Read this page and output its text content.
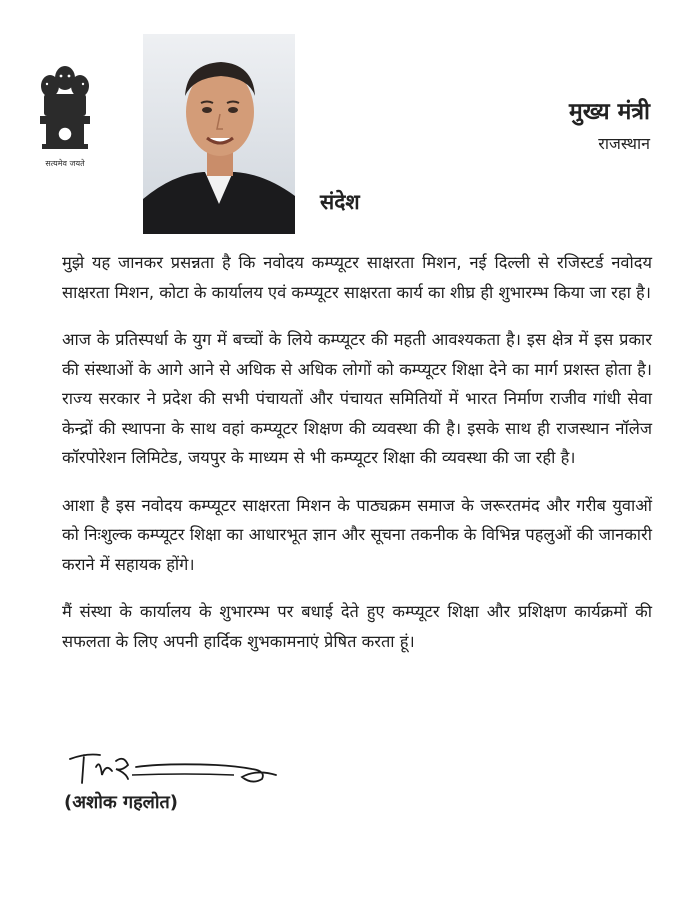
सत्यमेव जयते
मुख्य मंत्री
राजस्थान
संदेश

मुझे यह जानकर प्रसन्नता है कि नवोदय कम्प्यूटर साक्षरता मिशन, नई दिल्ली से रजिस्टर्ड नवोदय साक्षरता मिशन, कोटा के कार्यालय एवं कम्प्यूटर साक्षरता कार्य का शीघ्र ही शुभारम्भ किया जा रहा है।

आज के प्रतिस्पर्धा के युग में बच्चों के लिये कम्प्यूटर की महती आवश्यकता है। इस क्षेत्र में इस प्रकार की संस्थाओं के आगे आने से अधिक से अधिक लोगों को कम्प्यूटर शिक्षा देने का मार्ग प्रशस्त होता है। राज्य सरकार ने प्रदेश की सभी पंचायतों और पंचायत समितियों में भारत निर्माण राजीव गांधी सेवा केन्द्रों की स्थापना के साथ वहां कम्प्यूटर शिक्षण की व्यवस्था की है। इसके साथ ही राजस्थान नॉलेज कॉरपोरेशन लिमिटेड, जयपुर के माध्यम से भी कम्प्यूटर शिक्षा की व्यवस्था की जा रही है।

आशा है इस नवोदय कम्प्यूटर साक्षरता मिशन के पाठ्यक्रम समाज के जरूरतमंद और गरीब युवाओं को निःशुल्क कम्प्यूटर शिक्षा का आधारभूत ज्ञान और सूचना तकनीक के विभिन्न पहलुओं की जानकारी कराने में सहायक होंगे।

मैं संस्था के कार्यालय के शुभारम्भ पर बधाई देते हुए कम्प्यूटर शिक्षा और प्रशिक्षण कार्यक्रमों की सफलता के लिए अपनी हार्दिक शुभकामनाएं प्रेषित करता हूं।

(अशोक गहलोत)
